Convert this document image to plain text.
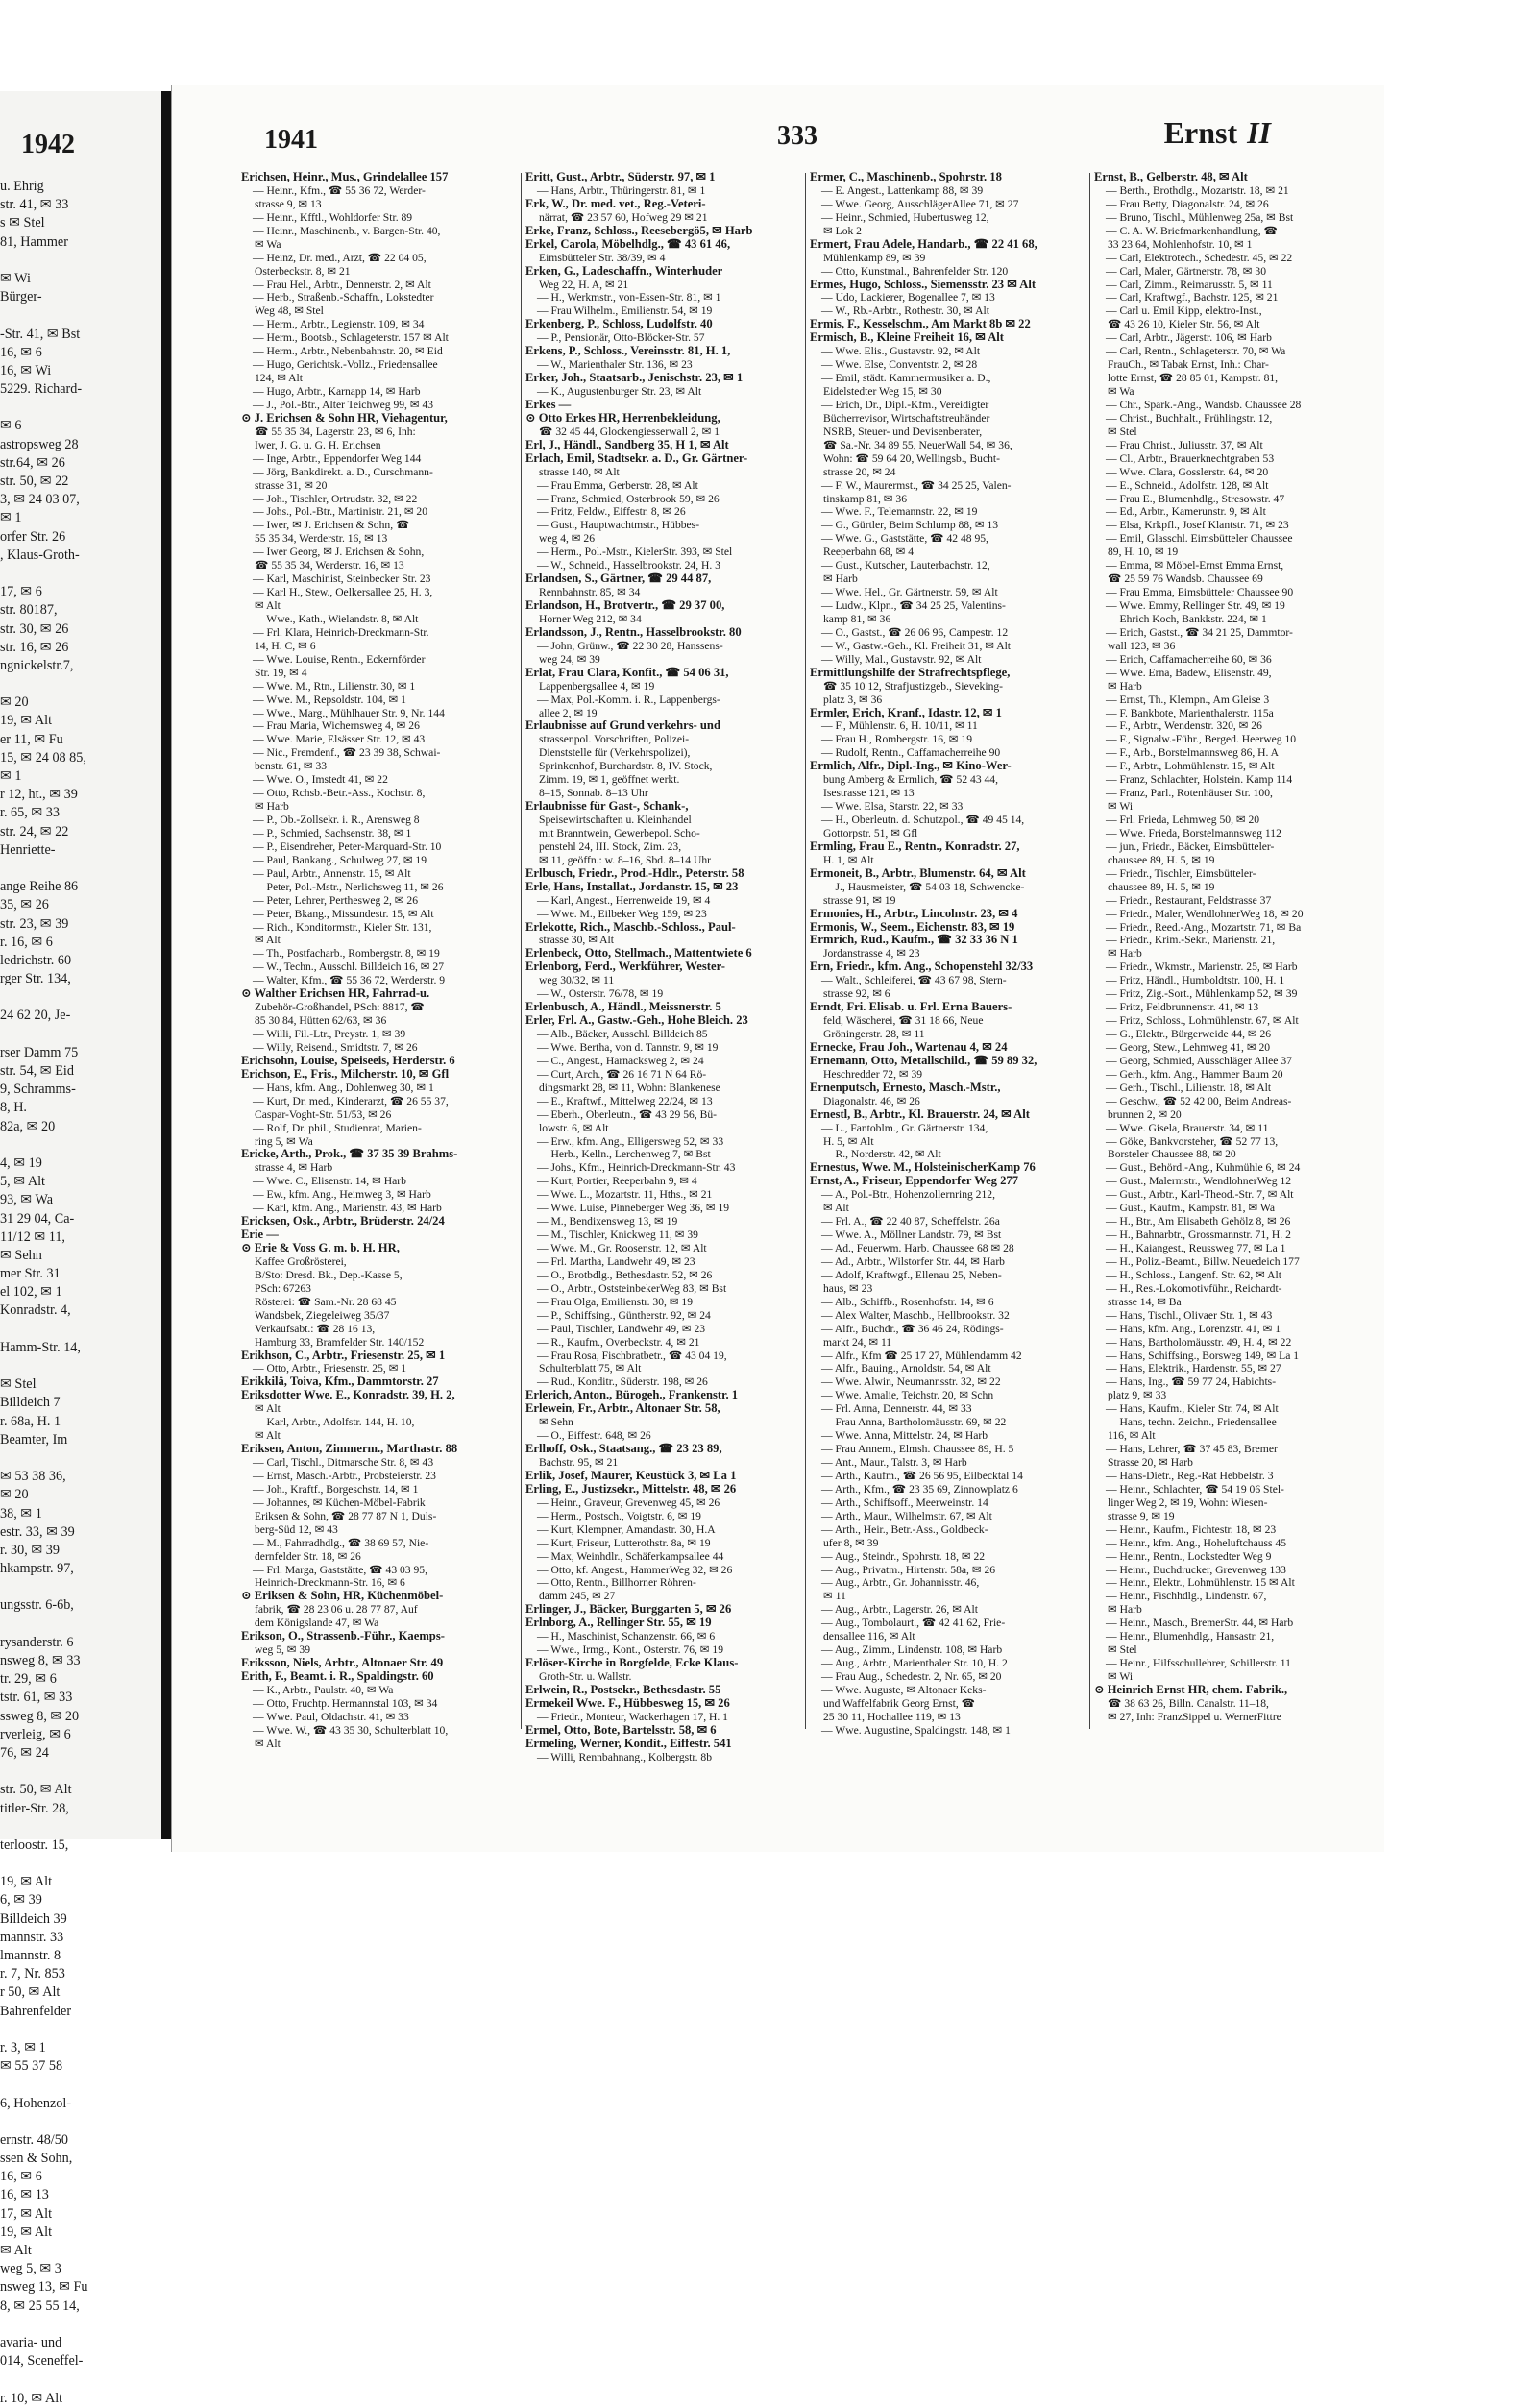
1942
u. Ehrig
str. 41, ✉ 33
s ✉ Stel
81, Hammer
✉ Wi
Bürger-
-Str. 41, ✉ Bst
16, ✉ 6
16, ✉ Wi
5229. Richard-
✉ 6
astropsweg 28
str.64, ✉ 26
str. 50, ✉ 22
3, ✉ 24 03 07,
✉ 1
orfer Str. 26
, Klaus-Groth-
17, ✉ 6
str. 80187,
str. 30, ✉ 26
str. 16, ✉ 26
ngnickelstr.7,
✉ 20
19, ✉ Alt
er 11, ✉ Fu
15, ✉ 24 08 85,
✉ 1
r 12, ht., ✉ 39
r. 65, ✉ 33
str. 24, ✉ 22
Henriette-
ange Reihe 86
35, ✉ 26
str. 23, ✉ 39
r. 16, ✉ 6
ledrichstr. 60
rger Str. 134,
24 62 20, Je-
rser Damm 75
str. 54, ✉ Eid
9, Schramms-
8, H.
82a, ✉ 20
4, ✉ 19
5, ✉ Alt
93, ✉ Wa
31 29 04, Ca-
11/12 ✉ 11,
✉ Sehn
mer Str. 31
el 102, ✉ 1
Konradstr. 4,
Hamm-Str. 14,
✉ Stel
Billdeich 7
r. 68a, H. 1
Beamter, Im
✉ 53 38 36,
✉ 20
38, ✉ 1
estr. 33, ✉ 39
r. 30, ✉ 39
hkampstr. 97,
ungsstr. 6-6b,
rysanderstr. 6
nsweg 8, ✉ 33
tr. 29, ✉ 6
tstr. 61, ✉ 33
ssweg 8, ✉ 20
rverleig, ✉ 6
76, ✉ 24
str. 50, ✉ Alt
titler-Str. 28,
terloostr. 15,
19, ✉ Alt
6, ✉ 39
Billdeich 39
mannstr. 33
lmannstr. 8
r. 7, Nr. 853
r 50, ✉ Alt
Bahrenfelder
r. 3, ✉ 1
✉ 55 37 58
6, Hohenzol-
ernstr. 48/50
ssen & Sohn,
16, ✉ 6
16, ✉ 13
17, ✉ Alt
19, ✉ Alt
✉ Alt
weg 5, ✉ 3
nsweg 13, ✉ Fu
8, ✉ 25 55 14,
avaria- und
014, Sceneffel-
r. 10, ✉ Alt
1941	333	Ernst II
Erichsen, Heinr., Mus., Grindelallee 157
— Heinr., Kfm., ☎ 55 36 72, Werder-
strasse 9, ✉ 13
— Heinr., Kfftl., Wohldorfer Str. 89
— Heinr., Maschinenb., v. Bargen-Str. 40,
✉ Wa
— Heinz, Dr. med., Arzt, ☎ 22 04 05,
Osterbeckstr. 8, ✉ 21
— Frau Hel., Arbtr., Dennerstr. 2, ✉ Alt
— Herb., Straßenb.-Schaffn., Lokstedter
Weg 48, ✉ Stel
— Herm., Arbtr., Legienstr. 109, ✉ 34
— Herm., Bootsb., Schlageterstr. 157 ✉ Alt
— Herm., Arbtr., Nebenbahnstr. 20, ✉ Eid
— Hugo, Gerichtsk.-Vollz., Friedensallee
124, ✉ Alt
— Hugo, Arbtr., Karnapp 14, ✉ Harb
— J., Pol.-Btr., Alter Teichweg 99, ✉ 43
⊙ J. Erichsen & Sohn HR, Viehagentur,
☎ 55 35 34, Lagerstr. 23, ✉ 6, Inh:
Iwer, J. G. u. G. H. Erichsen
— Inge, Arbtr., Eppendorfer Weg 144
— Jörg, Bankdirekt. a. D., Curschmann-
strasse 31, ✉ 20
— Joh., Tischler, Ortrudstr. 32, ✉ 22
— Johs., Pol.-Btr., Martinistr. 21, ✉ 20
— Iwer, ✉ J. Erichsen & Sohn, ☎
55 35 34, Werderstr. 16, ✉ 13
— Iwer Georg, ✉ J. Erichsen & Sohn,
☎ 55 35 34, Werderstr. 16, ✉ 13
— Karl, Maschinist, Steinbecker Str. 23
— Karl H., Stew., Oelkersallee 25, H. 3,
✉ Alt
— Wwe., Kath., Wielandstr. 8, ✉ Alt
— Frl. Klara, Heinrich-Dreckmann-Str.
14, H. C, ✉ 6
— Wwe. Louise, Rentn., Eckernförder
Str. 19, ✉ 4
— Wwe. M., Rtn., Lilienstr. 30, ✉ 1
— Wwe. M., Repsoldstr. 104, ✉ 1
— Wwe., Marg., Mühlhauer Str. 9, Nr. 144
— Frau Maria, Wichernsweg 4, ✉ 26
— Wwe. Marie, Elsässer Str. 12, ✉ 43
— Nic., Fremdenf., ☎ 23 39 38, Schwai-
benstr. 61, ✉ 33
— Wwe. O., Imstedt 41, ✉ 22
— Otto, Rchsb.-Betr.-Ass., Kochstr. 8,
✉ Harb
— P., Ob.-Zollsekr. i. R., Arensweg 8
— P., Schmied, Sachsenstr. 38, ✉ 1
— P., Eisendreher, Peter-Marquard-Str. 10
— Paul, Bankang., Schulweg 27, ✉ 19
— Paul, Arbtr., Annenstr. 15, ✉ Alt
— Peter, Pol.-Mstr., Nerlichsweg 11, ✉ 26
— Peter, Lehrer, Perthesweg 2, ✉ 26
— Peter, Bkang., Missundestr. 15, ✉ Alt
— Rich., Konditormstr., Kieler Str. 131,
✉ Alt
— Th., Postfacharb., Rombergstr. 8, ✉ 19
— W., Techn., Ausschl. Billdeich 16, ✉ 27
— Walter, Kfm., ☎ 55 36 72, Werderstr. 9
⊙ Walther Erichsen HR, Fahrrad-u.
Zubehör-Großhandel, PSch: 8817, ☎
85 30 84, Hütten 62/63, ✉ 36
— Willi, Fil.-Ltr., Preystr. 1, ✉ 39
— Willy, Reisend., Smidtstr. 7, ✉ 26
Erichsohn, Louise, Speiseeis, Herderstr. 6
Erichson, E., Fris., Milcherstr. 10, ✉ Gfl
— Hans, kfm. Ang., Dohlenweg 30, ✉ 1
— Kurt, Dr. med., Kinderarzt, ☎ 26 55 37,
Caspar-Voght-Str. 51/53, ✉ 26
— Rolf, Dr. phil., Studienrat, Marien-
ring 5, ✉ Wa
Ericke, Arth., Prok., ☎ 37 35 39 Brahms-
strasse 4, ✉ Harb
— Wwe. C., Elisenstr. 14, ✉ Harb
— Ew., kfm. Ang., Heimweg 3, ✉ Harb
— Karl, kfm. Ang., Marienstr. 43, ✉ Harb
Ericksen, Osk., Arbtr., Brüderstr. 24/24
Erie —
⊙ Erie & Voss G. m. b. H. HR,
Kaffee Großrösterei,
B/Sto: Dresd. Bk., Dep.-Kasse 5,
PSch: 67263
Rösterei: ☎ Sam.-Nr. 28 68 45
Wandsbek, Ziegeleiweg 35/37
Verkaufsabt.: ☎ 28 16 13,
Hamburg 33, Bramfelder Str. 140/152
Erikhson, C., Arbtr., Friesenstr. 25, ✉ 1
— Otto, Arbtr., Friesenstr. 25, ✉ 1
Erikkilä, Toiva, Kfm., Dammtorstr. 27
Eriksdotter Wwe. E., Konradstr. 39, H. 2,
✉ Alt
— Karl, Arbtr., Adolfstr. 144, H. 10,
✉ Alt
Eriksen, Anton, Zimmerm., Marthastr. 88
— Carl, Tischl., Ditmarsche Str. 8, ✉ 43
— Ernst, Masch.-Arbtr., Probsteierstr. 23
— Joh., Kraftf., Borgeschstr. 14, ✉ 1
— Johannes, ✉ Küchen-Möbel-Fabrik
Eriksen & Sohn, ☎ 28 77 87 N 1, Duls-
berg-Süd 12, ✉ 43
— M., Fahrradhdlg., ☎ 38 69 57, Nie-
dernfelder Str. 18, ✉ 26
— Frl. Marga, Gaststätte, ☎ 43 03 95,
Heinrich-Dreckmann-Str. 16, ✉ 6
⊙ Eriksen & Sohn, HR, Küchenmöbel-
fabrik, ☎ 28 23 06 u. 28 77 87, Auf
dem Königslande 47, ✉ Wa
Erikson, O., Strassenb.-Führ., Kaemps-
weg 5, ✉ 39
Eriksson, Niels, Arbtr., Altonaer Str. 49
Erith, F., Beamt. i. R., Spaldingstr. 60
— K., Arbtr., Paulstr. 40, ✉ Wa
— Otto, Fruchtp. Hermannstal 103, ✉ 34
— Wwe. Paul, Oldachstr. 41, ✉ 33
— Wwe. W., ☎ 43 35 30, Schulterblatt 10,
✉ Alt
Eritt, Gust., Arbtr., Süderstr. 97, ✉ 1
— Hans, Arbtr., Thüringerstr. 81, ✉ 1
Erk, W., Dr. med. vet., Reg.-Veteri-
närrat, ☎ 23 57 60, Hofweg 29 ✉ 21
Erke, Franz, Schloss., Reesebergö5, ✉ Harb
Erkel, Carola, Möbelhdlg., ☎ 43 61 46,
Eimsbütteler Str. 38/39, ✉ 4
Erken, G., Ladeschaffn., Winterhuder
Weg 22, H. A, ✉ 21
— H., Werkmstr., von-Essen-Str. 81, ✉ 1
— Frau Wilhelm., Emilienstr. 54, ✉ 19
Erkenberg, P., Schloss, Ludolfstr. 40
— P., Pensionär, Otto-Blöcker-Str. 57
Erkens, P., Schloss., Vereinsstr. 81, H. 1,
— W., Marienthaler Str. 136, ✉ 23
Erker, Joh., Staatsarb., Jenischstr. 23, ✉ 1
— K., Augustenburger Str. 23, ✉ Alt
Erkes —
⊙ Otto Erkes HR, Herrenbekleidung,
☎ 32 45 44, Glockengiesserwall 2, ✉ 1
Erl, J., Händl., Sandberg 35, H 1, ✉ Alt
Erlach, Emil, Stadtsekr. a. D., Gr. Gärtner-
strasse 140, ✉ Alt
— Frau Emma, Gerberstr. 28, ✉ Alt
— Franz, Schmied, Osterbrook 59, ✉ 26
— Fritz, Feldw., Eiffestr. 8, ✉ 26
— Gust., Hauptwachtmstr., Hübbes-
weg 4, ✉ 26
— Herm., Pol.-Mstr., KielerStr. 393, ✉ Stel
— W., Schneid., Hasselbrookstr. 24, H. 3
Erlandsen, S., Gärtner, ☎ 29 44 87,
Rennbahnstr. 85, ✉ 34
Erlandson, H., Brotvertr., ☎ 29 37 00,
Horner Weg 212, ✉ 34
Erlandsson, J., Rentn., Hasselbrookstr. 80
— John, Grünw., ☎ 22 30 28, Hanssens-
weg 24, ✉ 39
Erlat, Frau Clara, Konfit., ☎ 54 06 31,
Lappenbergsallee 4, ✉ 19
— Max, Pol.-Komm. i. R., Lappenbergs-
allee 2, ✉ 19
Erlaubnisse auf Grund verkehrs- und
strassenpol. Vorschriften, Polizei-
Dienststelle für (Verkehrspolizei),
Sprinkenhof, Burchardstr. 8, IV. Stock,
Zimm. 19, ✉ 1, geöffnet werkt.
8–15, Sonnab. 8–13 Uhr
Erlaubnisse für Gast-, Schank-,
Speisewirtschaften u. Kleinhandel
mit Branntwein, Gewerbepol. Scho-
penstehl 24, III. Stock, Zim. 23,
✉ 11, geöffn.: w. 8–16, Sbd. 8–14 Uhr
Erlbusch, Friedr., Prod.-Hdlr., Peterstr. 58
Erle, Hans, Installat., Jordanstr. 15, ✉ 23
— Karl, Angest., Herrenweide 19, ✉ 4
— Wwe. M., Eilbeker Weg 159, ✉ 23
Erlekotte, Rich., Maschb.-Schloss., Paul-
strasse 30, ✉ Alt
Erlenbeck, Otto, Stellmach., Mattentwiete 6
Erlenborg, Ferd., Werkführer, Wester-
weg 30/32, ✉ 11
— W., Osterstr. 76/78, ✉ 19
Erlenbusch, A., Händl., Meissnerstr. 5
Erler, Frl. A., Gastw.-Geh., Hohe Bleich. 23
— Alb., Bäcker, Ausschl. Billdeich 85
— Wwe. Bertha, von d. Tannstr. 9, ✉ 19
— C., Angest., Harnacksweg 2, ✉ 24
— Curt, Arch., ☎ 26 16 71 N 64 Rö-
dingsmarkt 28, ✉ 11, Wohn: Blankenese
— E., Kraftwf., Mittelweg 22/24, ✉ 13
— Eberh., Oberleutn., ☎ 43 29 56, Bü-
lowstr. 6, ✉ Alt
— Erw., kfm. Ang., Elligersweg 52, ✉ 33
— Herb., Kelln., Lerchenweg 7, ✉ Bst
— Johs., Kfm., Heinrich-Dreckmann-Str. 43
— Kurt, Portier, Reeperbahn 9, ✉ 4
— Wwe. L., Mozartstr. 11, Hths., ✉ 21
— Wwe. Luise, Pinneberger Weg 36, ✉ 19
— M., Bendixensweg 13, ✉ 19
— M., Tischler, Knickweg 11, ✉ 39
— Wwe. M., Gr. Roosenstr. 12, ✉ Alt
— Frl. Martha, Landwehr 49, ✉ 23
— O., Brotbdlg., Bethesdastr. 52, ✉ 26
— O., Arbtr., OststeinbekerWeg 83, ✉ Bst
— Frau Olga, Emilienstr. 30, ✉ 19
— P., Schiffsing., Güntherstr. 92, ✉ 24
— Paul, Tischler, Landwehr 49, ✉ 23
— R., Kaufm., Overbeckstr. 4, ✉ 21
— Frau Rosa, Fischbratbetr., ☎ 43 04 19,
Schulterblatt 75, ✉ Alt
— Rud., Konditr., Süderstr. 198, ✉ 26
Erlerich, Anton., Bürogeh., Frankenstr. 1
Erlewein, Fr., Arbtr., Altonaer Str. 58,
✉ Sehn
— O., Eiffestr. 648, ✉ 26
Erlhoff, Osk., Staatsang., ☎ 23 23 89,
Bachstr. 95, ✉ 21
Erlik, Josef, Maurer, Keustück 3, ✉ La 1
Erling, E., Justizsekr., Mittelstr. 48, ✉ 26
— Heinr., Graveur, Grevenweg 45, ✉ 26
— Herm., Postsch., Voigtstr. 6, ✉ 19
— Kurt, Klempner, Amandastr. 30, H.A
— Kurt, Friseur, Lutterothstr. 8a, ✉ 19
— Max, Weinhdlr., Schäferkampsallee 44
— Otto, kf. Angest., HammerWeg 32, ✉ 26
— Otto, Rentn., Billhorner Röhren-
damm 245, ✉ 27
Erlinger, J., Bäcker, Burggarten 5, ✉ 26
Erlnborg, A., Rellinger Str. 55, ✉ 19
— H., Maschinist, Schanzenstr. 66, ✉ 6
— Wwe., Irmg., Kont., Osterstr. 76, ✉ 19
Erlöser-Kirche in Borgfelde, Ecke Klaus-
Groth-Str. u. Wallstr.
Erlwein, R., Postsekr., Bethesdastr. 55
Ermekeil Wwe. F., Hübbesweg 15, ✉ 26
— Friedr., Monteur, Wackerhagen 17, H. 1
Ermel, Otto, Bote, Bartelsstr. 58, ✉ 6
Ermeling, Werner, Kondit., Eiffestr. 541
— Willi, Rennbahnang., Kolbergstr. 8b
Ermer, C., Maschinenb., Spohrstr. 18
— E. Angest., Lattenkamp 88, ✉ 39
— Wwe. Georg, AusschlägerAllee 71, ✉ 27
— Heinr., Schmied, Hubertusweg 12,
✉ Lok 2
Ermert, Frau Adele, Handarb., ☎ 22 41 68,
Mühlenkamp 89, ✉ 39
— Otto, Kunstmal., Bahrenfelder Str. 120
Ermes, Hugo, Schloss., Siemensstr. 23 ✉ Alt
— Udo, Lackierer, Bogenallee 7, ✉ 13
— W., Rb.-Arbtr., Rothestr. 30, ✉ Alt
Ermis, F., Kesselschm., Am Markt 8b ✉ 22
Ermisch, B., Kleine Freiheit 16, ✉ Alt
— Wwe. Elis., Gustavstr. 92, ✉ Alt
— Wwe. Else, Conventstr. 2, ✉ 28
— Emil, städt. Kammermusiker a. D.,
Eidelstedter Weg 15, ✉ 30
— Erich, Dr., Dipl.-Kfm., Vereidigter
Bücherrevisor, Wirtschaftstreuhänder
NSRB, Steuer- und Devisenberater,
☎ Sa.-Nr. 34 89 55, NeuerWall 54, ✉ 36,
Wohn: ☎ 59 64 20, Wellingsb., Bucht-
strasse 20, ✉ 24
— F. W., Maurermst., ☎ 34 25 25, Valen-
tinskamp 81, ✉ 36
— Wwe. F., Telemannstr. 22, ✉ 19
— G., Gürtler, Beim Schlump 88, ✉ 13
— Wwe. G., Gaststätte, ☎ 42 48 95,
Reeperbahn 68, ✉ 4
— Gust., Kutscher, Lauterbachstr. 12,
✉ Harb
— Wwe. Hel., Gr. Gärtnerstr. 59, ✉ Alt
— Ludw., Klpn., ☎ 34 25 25, Valentins-
kamp 81, ✉ 36
— O., Gastst., ☎ 26 06 96, Campestr. 12
— W., Gastw.-Geh., Kl. Freiheit 31, ✉ Alt
— Willy, Mal., Gustavstr. 92, ✉ Alt
Ermittlungshilfe der Strafrechtspflege,
☎ 35 10 12, Strafjustizgeb., Sieveking-
platz 3, ✉ 36
Ermler, Erich, Kranf., Idastr. 12, ✉ 1
— F., Mühlenstr. 6, H. 10/11, ✉ 11
— Frau H., Rombergstr. 16, ✉ 19
— Rudolf, Rentn., Caffamacherreihe 90
Ermlich, Alfr., Dipl.-Ing., ✉ Kino-Wer-
bung Amberg & Ermlich, ☎ 52 43 44,
Isestrasse 121, ✉ 13
— Wwe. Elsa, Starstr. 22, ✉ 33
— H., Oberleutn. d. Schutzpol., ☎ 49 45 14,
Gottorpstr. 51, ✉ Gfl
Ermling, Frau E., Rentn., Konradstr. 27,
H. 1, ✉ Alt
Ermoneit, B., Arbtr., Blumenstr. 64, ✉ Alt
— J., Hausmeister, ☎ 54 03 18, Schwencke-
strasse 91, ✉ 19
Ermonies, H., Arbtr., Lincolnstr. 23, ✉ 4
Ermonis, W., Seem., Eichenstr. 83, ✉ 19
Ermrich, Rud., Kaufm., ☎ 32 33 36 N 1
Jordanstrasse 4, ✉ 23
Ern, Friedr., kfm. Ang., Schopenstehl 32/33
— Walt., Schleiferei, ☎ 43 67 98, Stern-
strasse 92, ✉ 6
Erndt, Fri. Elisab. u. Frl. Erna Bauers-
feld, Wäscherei, ☎ 31 18 66, Neue
Gröningerstr. 28, ✉ 11
Ernecke, Frau Joh., Wartenau 4, ✉ 24
Ernemann, Otto, Metallschild., ☎ 59 89 32,
Heschredder 72, ✉ 39
Ernenputsch, Ernesto, Masch.-Mstr.,
Diagonalstr. 46, ✉ 26
Ernestl, B., Arbtr., Kl. Brauerstr. 24, ✉ Alt
— L., Fantoblm., Gr. Gärtnerstr. 134,
H. 5, ✉ Alt
— R., Norderstr. 42, ✉ Alt
Ernestus, Wwe. M., HolsteinischerKamp 76
Ernst, A., Friseur, Eppendorfer Weg 277
— A., Pol.-Btr., Hohenzollernring 212,
✉ Alt
— Frl. A., ☎ 22 40 87, Scheffelstr. 26a
— Wwe. A., Möllner Landstr. 79, ✉ Bst
— Ad., Feuerwm. Harb. Chaussee 68 ✉ 28
— Ad., Arbtr., Wilstorfer Str. 44, ✉ Harb
— Adolf, Kraftwgf., Ellenau 25, Neben-
haus, ✉ 23
— Alb., Schiffb., Rosenhofstr. 14, ✉ 6
— Alex Walter, Maschb., Hellbrookstr. 32
— Alfr., Buchdr., ☎ 36 46 24, Rödings-
markt 24, ✉ 11
— Alfr., Kfm ☎ 25 17 27, Mühlendamm 42
— Alfr., Bauing., Arnoldstr. 54, ✉ Alt
— Wwe. Alwin, Neumannsstr. 32, ✉ 22
— Wwe. Amalie, Teichstr. 20, ✉ Schn
— Frl. Anna, Dennerstr. 44, ✉ 33
— Frau Anna, Bartholomäusstr. 69, ✉ 22
— Wwe. Anna, Mittelstr. 24, ✉ Harb
— Frau Annem., Elmsh. Chaussee 89, H. 5
— Ant., Maur., Talstr. 3, ✉ Harb
— Arth., Kaufm., ☎ 26 56 95, Eilbecktal 14
— Arth., Kfm., ☎ 23 35 69, Zinnowplatz 6
— Arth., Schiffsoff., Meerweinstr. 14
— Arth., Maur., Wilhelmstr. 67, ✉ Alt
— Arth., Heir., Betr.-Ass., Goldbeck-
ufer 8, ✉ 39
— Aug., Steindr., Spohrstr. 18, ✉ 22
— Aug., Privatm., Hirtenstr. 58a, ✉ 26
— Aug., Arbtr., Gr. Johannisstr. 46,
✉ 11
— Aug., Arbtr., Lagerstr. 26, ✉ Alt
— Aug., Tombolaurt., ☎ 42 41 62, Frie-
densallee 116, ✉ Alt
— Aug., Zimm., Lindenstr. 108, ✉ Harb
— Aug., Arbtr., Marienthaler Str. 10, H. 2
— Frau Aug., Schedestr. 2, Nr. 65, ✉ 20
— Wwe. Auguste, ✉ Altonaer Keks-
und Waffelfabrik Georg Ernst, ☎
25 30 11, Hochallee 119, ✉ 13
— Wwe. Augustine, Spaldingstr. 148, ✉ 1
Ernst, B., Gelberstr. 48, ✉ Alt
— Berth., Brothdlg., Mozartstr. 18, ✉ 21
— Frau Betty, Diagonalstr. 24, ✉ 26
— Bruno, Tischl., Mühlenweg 25a, ✉ Bst
— C. A. W. Briefmarkenhandlung, ☎
33 23 64, Mohlenhofstr. 10, ✉ 1
— Carl, Elektrotech., Schedestr. 45, ✉ 22
— Carl, Maler, Gärtnerstr. 78, ✉ 30
— Carl, Zimm., Reimarusstr. 5, ✉ 11
— Carl, Kraftwgf., Bachstr. 125, ✉ 21
— Carl u. Emil Kipp, elektro-Inst.,
☎ 43 26 10, Kieler Str. 56, ✉ Alt
— Carl, Arbtr., Jägerstr. 106, ✉ Harb
— Carl, Rentn., Schlageterstr. 70, ✉ Wa
FrauCh., ✉ Tabak Ernst, Inh.: Char-
lotte Ernst, ☎ 28 85 01, Kampstr. 81,
✉ Wa
— Chr., Spark.-Ang., Wandsb. Chaussee 28
— Christ., Buchhalt., Frühlingstr. 12,
✉ Stel
— Frau Christ., Juliusstr. 37, ✉ Alt
— Cl., Arbtr., Brauerknechtgraben 53
— Wwe. Clara, Gosslerstr. 64, ✉ 20
— E., Schneid., Adolfstr. 128, ✉ Alt
— Frau E., Blumenhdlg., Stresowstr. 47
— Ed., Arbtr., Kamerunstr. 9, ✉ Alt
— Elsa, Krkpfl., Josef Klantstr. 71, ✉ 23
— Emil, Glasschl. Eimsbütteler Chaussee
89, H. 10, ✉ 19
— Emma, ✉ Möbel-Ernst Emma Ernst,
☎ 25 59 76 Wandsb. Chaussee 69
— Frau Emma, Eimsbütteler Chaussee 90
— Wwe. Emmy, Rellinger Str. 49, ✉ 19
— Ehrich Koch, Bankkstr. 224, ✉ 1
— Erich, Gastst., ☎ 34 21 25, Dammtor-
wall 123, ✉ 36
— Erich, Caffamacherreihe 60, ✉ 36
— Wwe. Erna, Badew., Elisenstr. 49,
✉ Harb
— Ernst, Th., Klempn., Am Gleise 3
— F. Bankbote, Marienthalerstr. 115a
— F., Arbtr., Wendenstr. 320, ✉ 26
— F., Signalw.-Führ., Berged. Heerweg 10
— F., Arb., Borstelmannsweg 86, H. A
— F., Arbtr., Lohmühlenstr. 15, ✉ Alt
— Franz, Schlachter, Holstein. Kamp 114
— Franz, Parl., Rotenhäuser Str. 100,
✉ Wi
— Frl. Frieda, Lehmweg 50, ✉ 20
— Wwe. Frieda, Borstelmannsweg 112
— jun., Friedr., Bäcker, Eimsbütteler-
chaussee 89, H. 5, ✉ 19
— Friedr., Tischler, Eimsbütteler-
chaussee 89, H. 5, ✉ 19
— Friedr., Restaurant, Feldstrasse 37
— Friedr., Maler, WendlohnerWeg 18, ✉ 20
— Friedr., Reed.-Ang., Mozartstr. 71, ✉ Ba
— Friedr., Krim.-Sekr., Marienstr. 21,
✉ Harb
— Friedr., Wkmstr., Marienstr. 25, ✉ Harb
— Fritz, Händl., Humboldtstr. 100, H. 1
— Fritz, Zig.-Sort., Mühlenkamp 52, ✉ 39
— Fritz, Feldbrunnenstr. 41, ✉ 13
— Fritz, Schloss., Lohmühlenstr. 67, ✉ Alt
— G., Elektr., Bürgerweide 44, ✉ 26
— Georg, Stew., Lehmweg 41, ✉ 20
— Georg, Schmied, Ausschläger Allee 37
— Gerh., kfm. Ang., Hammer Baum 20
— Gerh., Tischl., Lilienstr. 18, ✉ Alt
— Geschw., ☎ 52 42 00, Beim Andreas-
brunnen 2, ✉ 20
— Wwe. Gisela, Brauerstr. 34, ✉ 11
— Göke, Bankvorsteher, ☎ 52 77 13,
Borsteler Chaussee 88, ✉ 20
— Gust., Behörd.-Ang., Kuhmühle 6, ✉ 24
— Gust., Malermstr., WendlohnerWeg 12
— Gust., Arbtr., Karl-Theod.-Str. 7, ✉ Alt
— Gust., Kaufm., Kampstr. 81, ✉ Wa
— H., Btr., Am Elisabeth Gehölz 8, ✉ 26
— H., Bahnarbtr., Grossmannstr. 71, H. 2
— H., Kaiangest., Reussweg 77, ✉ La 1
— H., Poliz.-Beamt., Billw. Neuedeich 177
— H., Schloss., Langenf. Str. 62, ✉ Alt
— H., Res.-Lokomotivführ., Reichardt-
strasse 14, ✉ Ba
— Hans, Tischl., Olivaer Str. 1, ✉ 43
— Hans, kfm. Ang., Lorenzstr. 41, ✉ 1
— Hans, Bartholomäusstr. 49, H. 4, ✉ 22
— Hans, Schiffsing., Borsweg 149, ✉ La 1
— Hans, Elektrik., Hardenstr. 55, ✉ 27
— Hans, Ing., ☎ 59 77 24, Habichts-
platz 9, ✉ 33
— Hans, Kaufm., Kieler Str. 74, ✉ Alt
— Hans, techn. Zeichn., Friedensallee
116, ✉ Alt
— Hans, Lehrer, ☎ 37 45 83, Bremer
Strasse 20, ✉ Harb
— Hans-Dietr., Reg.-Rat Hebbelstr. 3
— Heinr., Schlachter, ☎ 54 19 06 Stel-
linger Weg 2, ✉ 19, Wohn: Wiesen-
strasse 9, ✉ 19
— Heinr., Kaufm., Fichtestr. 18, ✉ 23
— Heinr., kfm. Ang., Hoheluftchauss 45
— Heinr., Rentn., Lockstedter Weg 9
— Heinr., Buchdrucker, Grevenweg 133
— Heinr., Elektr., Lohmühlenstr. 15 ✉ Alt
— Heinr., Fischhdlg., Lindenstr. 67,
✉ Harb
— Heinr., Masch., BremerStr. 44, ✉ Harb
— Heinr., Blumenhdlg., Hansastr. 21,
✉ Stel
— Heinr., Hilfsschullehrer, Schillerstr. 11
✉ Wi
⊙ Heinrich Ernst HR, chem. Fabrik.,
☎ 38 63 26, Billn. Canalstr. 11–18,
✉ 27, Inh: FranzSippel u. WernerFittre
